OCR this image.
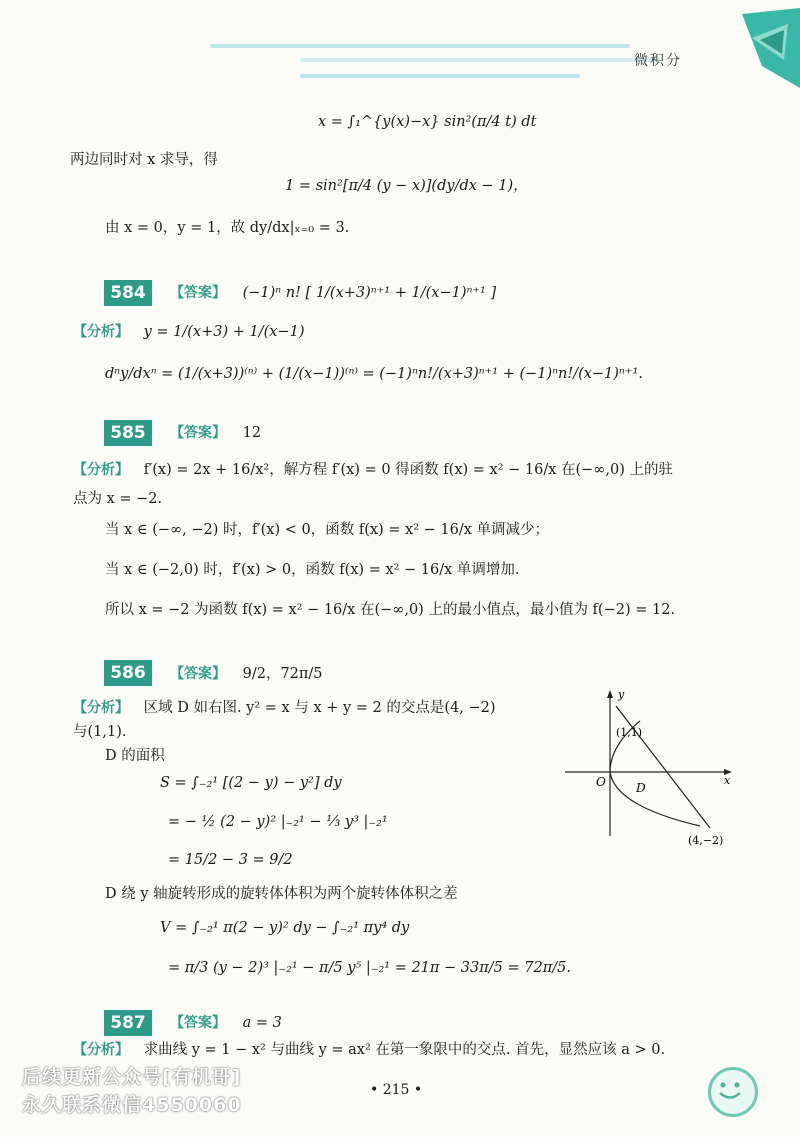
微积分
x = ∫₁^{y(x)−x} sin²(π/4 t) dt
两边同时对 x 求导，得
1 = sin²[π/4 (y − x)](dy/dx − 1)，
由 x = 0，y = 1，故 dy/dx|ₓ₌₀ = 3.
584	【答案】 (−1)ⁿ n! [ 1/(x+3)ⁿ⁺¹ + 1/(x−1)ⁿ⁺¹ ]
【分析】 y = 1/(x+3) + 1/(x−1)
dⁿy/dxⁿ = (1/(x+3))⁽ⁿ⁾ + (1/(x−1))⁽ⁿ⁾ = (−1)ⁿn!/(x+3)ⁿ⁺¹ + (−1)ⁿn!/(x−1)ⁿ⁺¹.
585	【答案】 12
【分析】 f′(x) = 2x + 16/x²，解方程 f′(x) = 0 得函数 f(x) = x² − 16/x 在(−∞,0) 上的驻
点为 x = −2.
当 x ∈ (−∞, −2) 时，f′(x) < 0，函数 f(x) = x² − 16/x 单调减少；
当 x ∈ (−2,0) 时，f′(x) > 0，函数 f(x) = x² − 16/x 单调增加.
所以 x = −2 为函数 f(x) = x² − 16/x 在(−∞,0) 上的最小值点，最小值为 f(−2) = 12.
586	【答案】 9/2，72π/5
【分析】 区域 D 如右图. y² = x 与 x + y = 2 的交点是(4, −2)
与(1,1).
D 的面积
S = ∫₋₂¹ [(2 − y) − y²] dy
= − ½ (2 − y)² |₋₂¹ − ⅓ y³ |₋₂¹
= 15/2 − 3 = 9/2
D 绕 y 轴旋转形成的旋转体体积为两个旋转体体积之差
V = ∫₋₂¹ π(2 − y)² dy − ∫₋₂¹ πy⁴ dy
= π/3 (y − 2)³ |₋₂¹ − π/5 y⁵ |₋₂¹ = 21π − 33π/5 = 72π/5.
y
x
O	D
(1,1)
(4,−2)
587	【答案】 a = 3
【分析】 求曲线 y = 1 − x² 与曲线 y = ax² 在第一象限中的交点. 首先，显然应该 a > 0.
• 215 •
后续更新公众号[有机哥]
永久联系微信4550060
